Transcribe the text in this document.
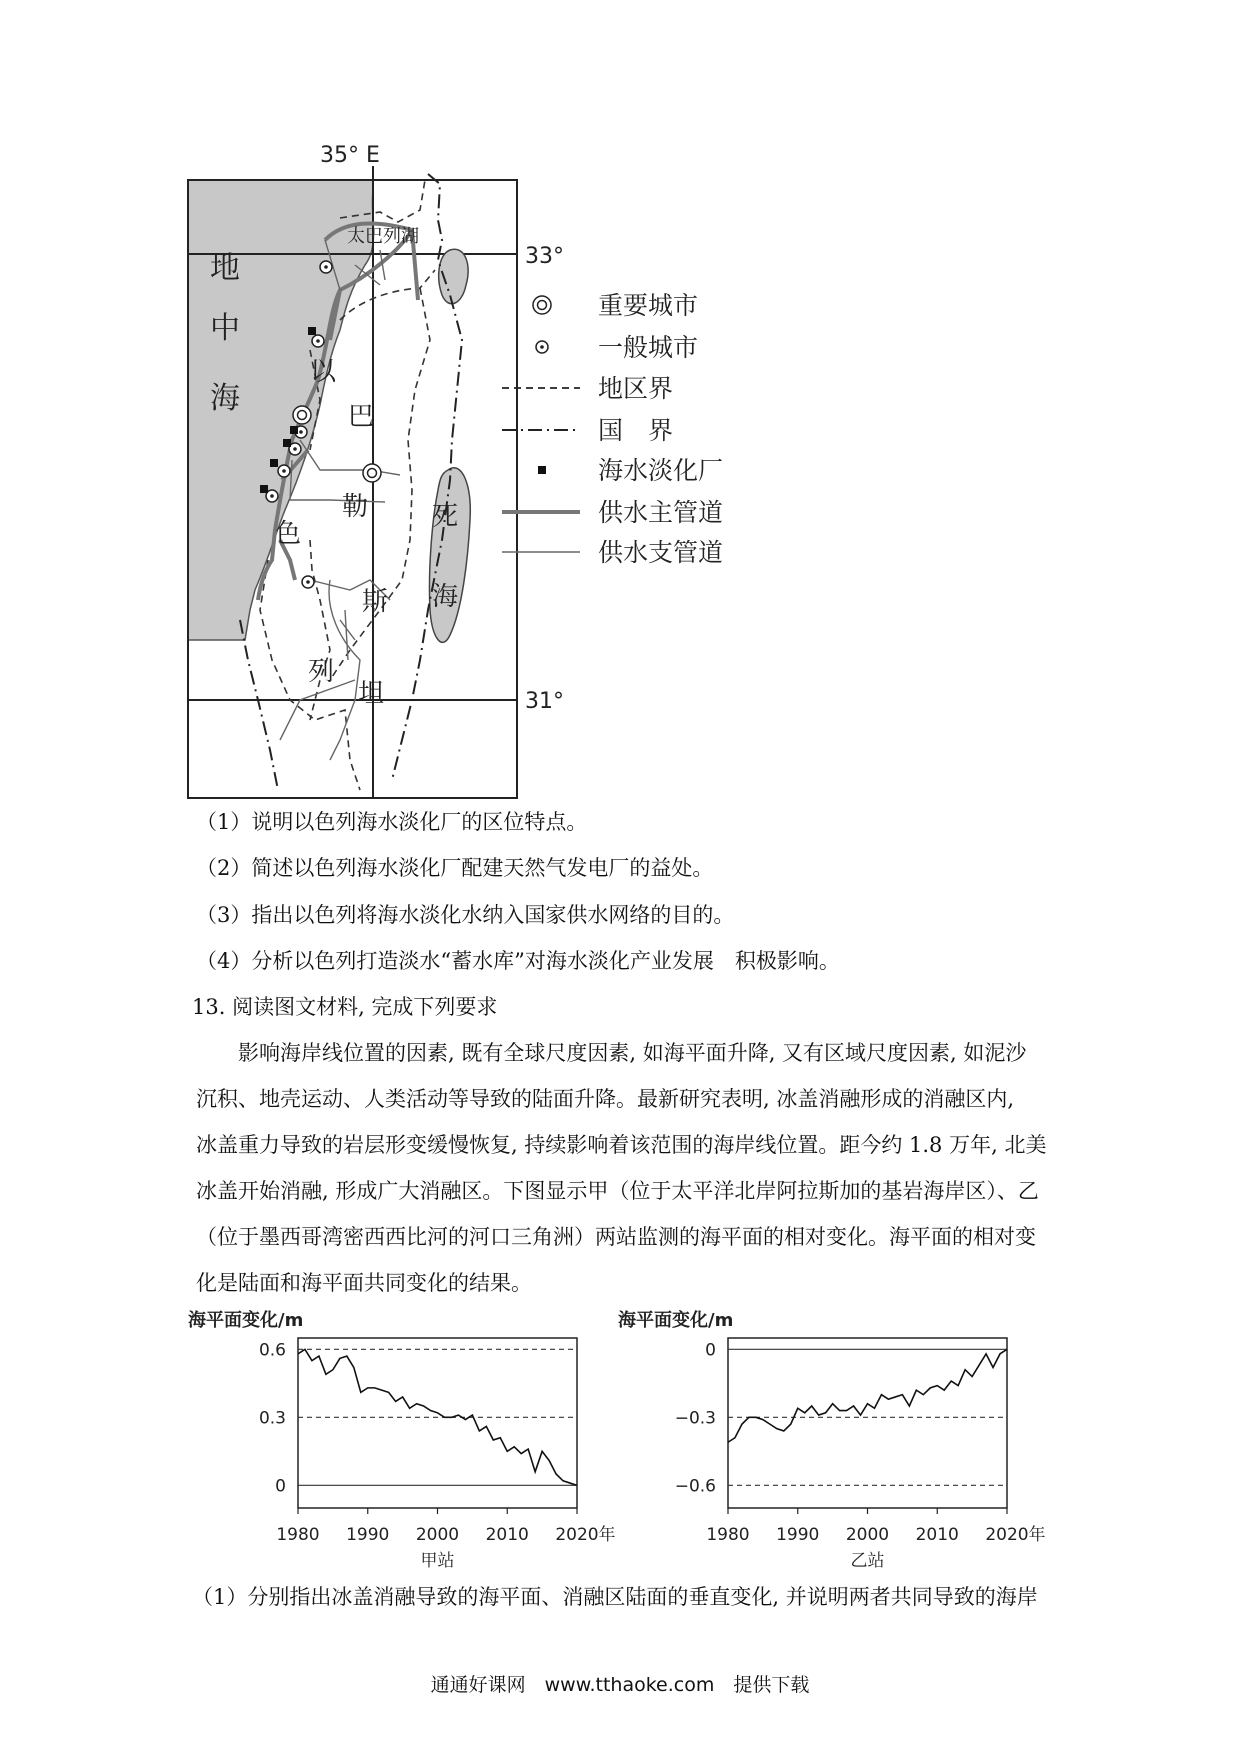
35° E
33°
31°
太巴列湖
地
中
海
以
巴
勒
色
斯
列
坦
死
海
重要城市
一般城市
地区界
国　界
海水淡化厂
供水主管道
供水支管道
（1）说明以色列海水淡化厂的区位特点。
（2）简述以色列海水淡化厂配建天然气发电厂的益处。
（3）指出以色列将海水淡化水纳入国家供水网络的目的。
（4）分析以色列打造淡水“蓄水库”对海水淡化产业发展　积极影响。
13. 阅读图文材料, 完成下列要求
　　影响海岸线位置的因素, 既有全球尺度因素, 如海平面升降, 又有区域尺度因素, 如泥沙
沉积、地壳运动、人类活动等导致的陆面升降。最新研究表明, 冰盖消融形成的消融区内,
冰盖重力导致的岩层形变缓慢恢复, 持续影响着该范围的海岸线位置。距今约 1.8 万年, 北美
冰盖开始消融, 形成广大消融区。下图显示甲（位于太平洋北岸阿拉斯加的基岩海岸区）、乙
（位于墨西哥湾密西西比河的河口三角洲）两站监测的海平面的相对变化。海平面的相对变
化是陆面和海平面共同变化的结果。
海平面变化/m
0.6
0.3
0
1980 1990 2000 2010 2020 年
甲站
海平面变化/m
0
−0.3
−0.6
1980 1990 2000 2010 2020 年
乙站
（1）分别指出冰盖消融导致的海平面、消融区陆面的垂直变化, 并说明两者共同导致的海岸
通通好课网　www.tthaoke.com　提供下载
